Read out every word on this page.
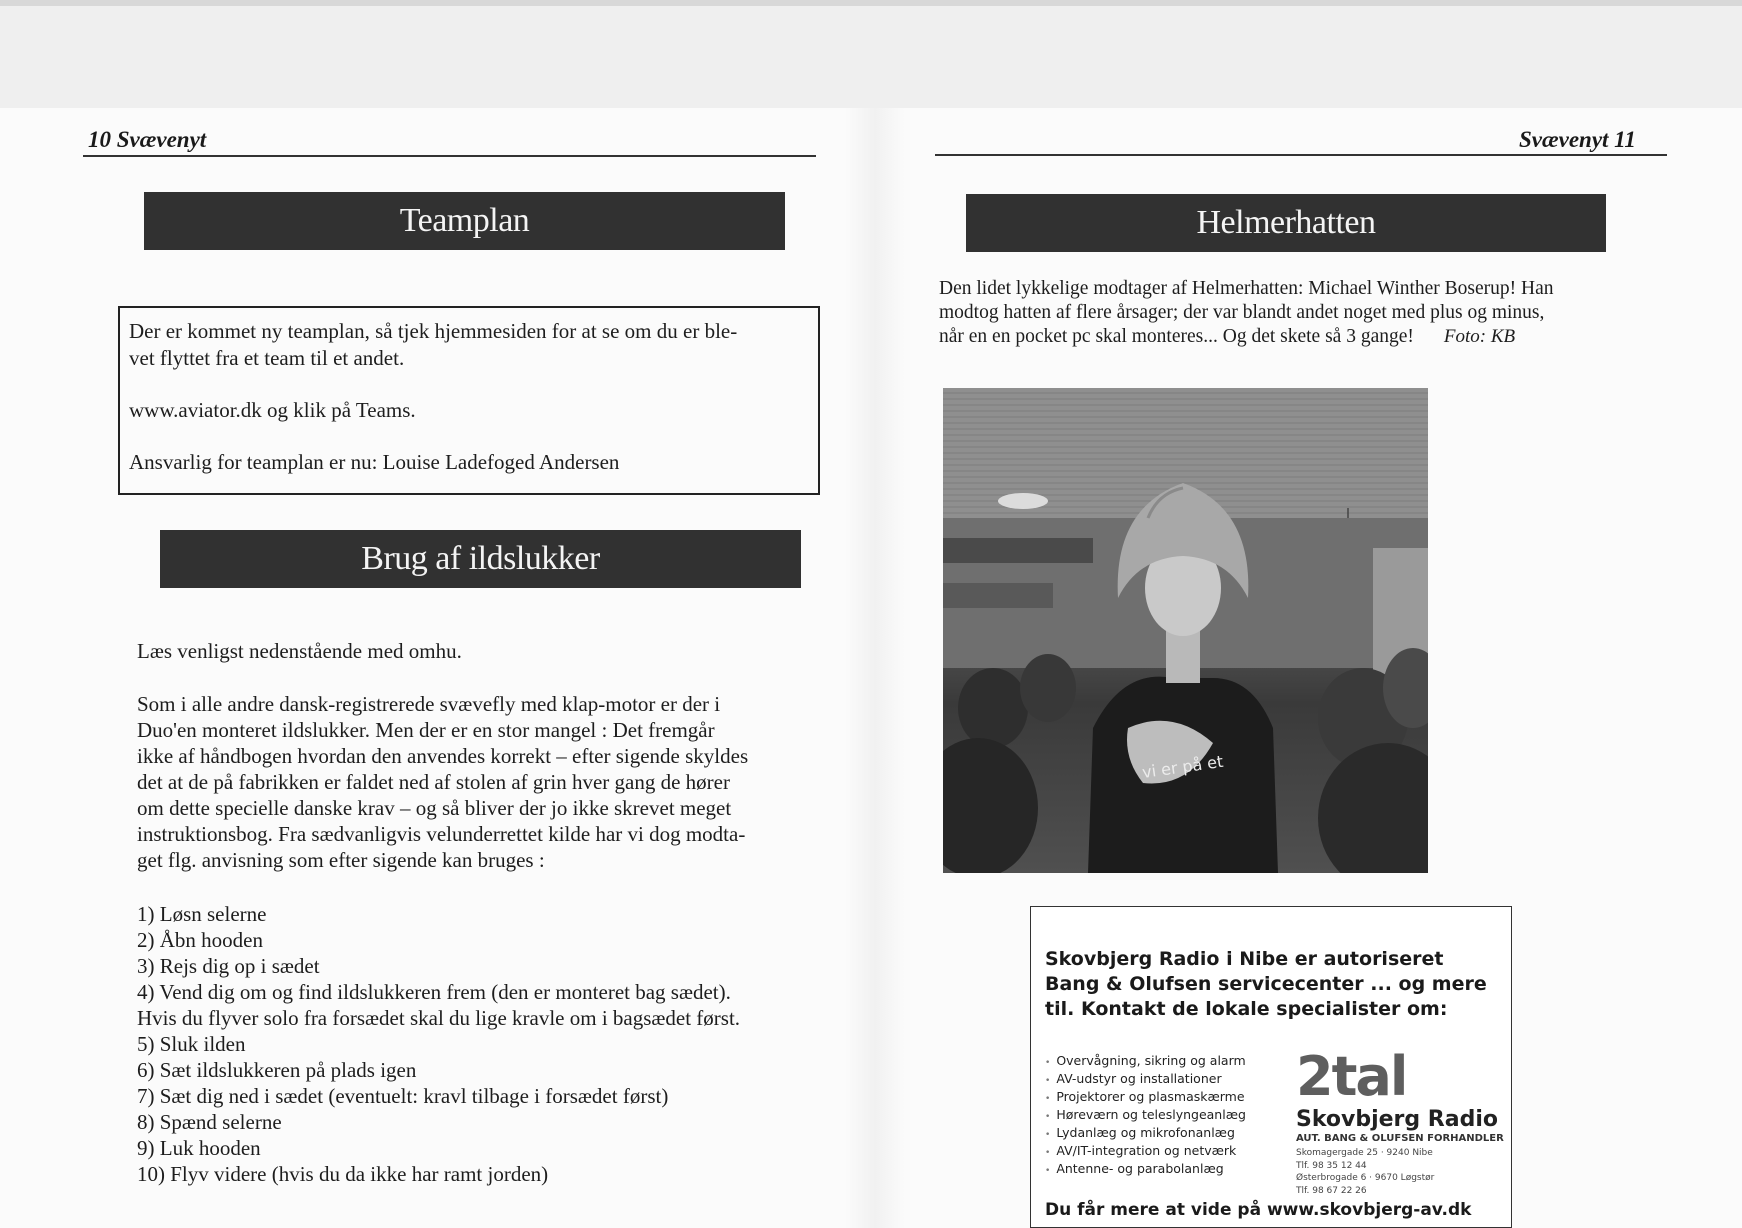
10 Svævenyt
Teamplan

Der er kommet ny teamplan, så tjek hjemmesiden for at se om du er ble-
vet flyttet fra et team til et andet.

www.aviator.dk og klik på Teams.

Ansvarlig for teamplan er nu: Louise Ladefoged Andersen

Brug af ildslukker
Læs venligst nedenstående med omhu.
Som i alle andre dansk-registrerede svævefly med klap-motor er der i
Duo'en monteret ildslukker. Men der er en stor mangel : Det fremgår
ikke af håndbogen hvordan den anvendes korrekt – efter sigende skyldes
det at de på fabrikken er faldet ned af stolen af grin hver gang de hører
om dette specielle danske krav – og så bliver der jo ikke skrevet meget
instruktionsbog. Fra sædvanligvis velunderrettet kilde har vi dog modta-
get flg. anvisning som efter sigende kan bruges :
1) Løsn selerne
2) Åbn hooden
3) Rejs dig op i sædet
4) Vend dig om og find ildslukkeren frem (den er monteret bag sædet).
Hvis du flyver solo fra forsædet skal du lige kravle om i bagsædet først.
5) Sluk ilden
6) Sæt ildslukkeren på plads igen
7) Sæt dig ned i sædet (eventuelt: kravl tilbage i forsædet først)
8) Spænd selerne
9) Luk hooden
10) Flyv videre (hvis du da ikke har ramt jorden)
Svævenyt 11
Helmerhatten
Den lidet lykkelige modtager af Helmerhatten: Michael Winther Boserup! Han
modtog hatten af flere årsager; der var blandt andet noget med plus og minus,
når en en pocket pc skal monteres... Og det skete så 3 gange! Foto: KB
vi er på et
Skovbjerg Radio i Nibe er autoriseret
Bang & Olufsen servicecenter ... og mere
til. Kontakt de lokale specialister om:
• Overvågning, sikring og alarm
• AV-udstyr og installationer
• Projektorer og plasmaskærme
• Høreværn og teleslyngeanlæg
• Lydanlæg og mikrofonanlæg
• AV/IT-integration og netværk
• Antenne- og parabolanlæg
2tal
Skovbjerg Radio
AUT. BANG & OLUFSEN FORHANDLER
Skomagergade 25 · 9240 Nibe
Tlf. 98 35 12 44
Østerbrogade 6 · 9670 Løgstør
Tlf. 98 67 22 26
Du får mere at vide på www.skovbjerg-av.dk
